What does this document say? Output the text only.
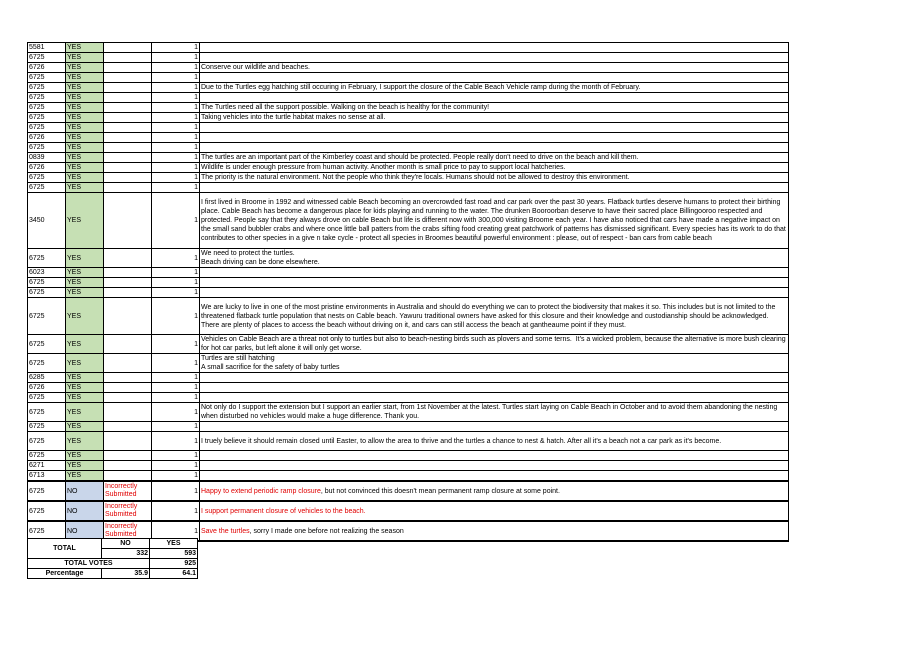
5581	YES		1	
6725	YES		1	
6726	YES		1	Conserve our wildlife and beaches.
6725	YES		1	
6725	YES		1	Due to the Turtles egg hatching still occuring in February, I support the closure of the Cable Beach Vehicle ramp during the month of February.
6725	YES		1	
6725	YES		1	The Turtles need all the support possible. Walking on the beach is healthy for the community!
6725	YES		1	Taking vehicles into the turtle habitat makes no sense at all.
6725	YES		1	
6726	YES		1	
6725	YES		1	
0839	YES		1	The turtles are an important part of the Kimberley coast and should be protected. People really don't need to drive on the beach and kill them.
6726	YES		1	Wildlife is under enough pressure from human activity. Another month is small price to pay to support local hatcheries.
6725	YES		1	The priority is the natural environment. Not the people who think they're locals. Humans should not be allowed to destroy this environment.
6725	YES		1	
3450	YES		1	I first lived in Broome in 1992 and witnessed cable Beach becoming an overcrowded fast road and car park over the past 30 years. Flatback turtles deserve humans to protect their birthing place. Cable Beach has become a dangerous place for kids playing and running to the water. The drunken Booroorban deserve to have their sacred place Billingooroo respected and protected. People say that they always drove on cable Beach but life is different now with 300,000 visiting Broome each year. I have also noticed that cars have made a negative impact on the small sand bubbler crabs and where once little ball patters from the crabs sifting food creating great patchwork of patterns has dismissed significant. Every species has its work to do that contributes to other species in a give n take cycle - protect all species in Broomes beautiful powerful environment : please, out of respect - ban cars from cable beach
6725	YES		1	We need to protect the turtles.
Beach driving can be done elsewhere.
6023	YES		1	
6725	YES		1	
6725	YES		1	
6725	YES		1	We are lucky to live in one of the most pristine environments in Australia and should do everything we can to protect the biodiversity that makes it so. This includes but is not limited to the threatened flatback turtle population that nests on Cable beach. Yawuru traditional owners have asked for this closure and their knowledge and custodianship should be acknowledged. There are plenty of places to access the beach without driving on it, and cars can still access the beach at gantheaume point if they must.
6725	YES		1	Vehicles on Cable Beach are a threat not only to turtles but also to beach-nesting birds such as plovers and some terns.  It's a wicked problem, because the alternative is more bush clearing for hot car parks, but left alone it will only get worse.
6725	YES		1	Turtles are still hatching
A small sacrifice for the safety of baby turtles
6285	YES		1	
6726	YES		1	
6725	YES		1	
6725	YES		1	Not only do I support the extension but I support an earlier start, from 1st November at the latest. Turtles start laying on Cable Beach in October and to avoid them abandoning the nesting when disturbed no vehicles would make a huge difference. Thank you.
6725	YES		1	
6725	YES		1	I truely believe it should remain closed until Easter, to allow the area to thrive and the turtles a chance to nest & hatch. After all it's a beach not a car park as it's become.
6725	YES		1	
6271	YES		1	
6713	YES		1	
6725	NO	Incorrectly Submitted	1	Happy to extend periodic ramp closure, but not convinced this doesn't mean permanent ramp closure at some point.
6725	NO	Incorrectly Submitted	1	I support permanent closure of vehicles to the beach.
6725	NO	Incorrectly Submitted	1	Save the turtles, sorry I made one before not realizing the season
TOTAL	NO	YES
	332	593
TOTAL VOTES		925
Percentage	35.9	64.1
